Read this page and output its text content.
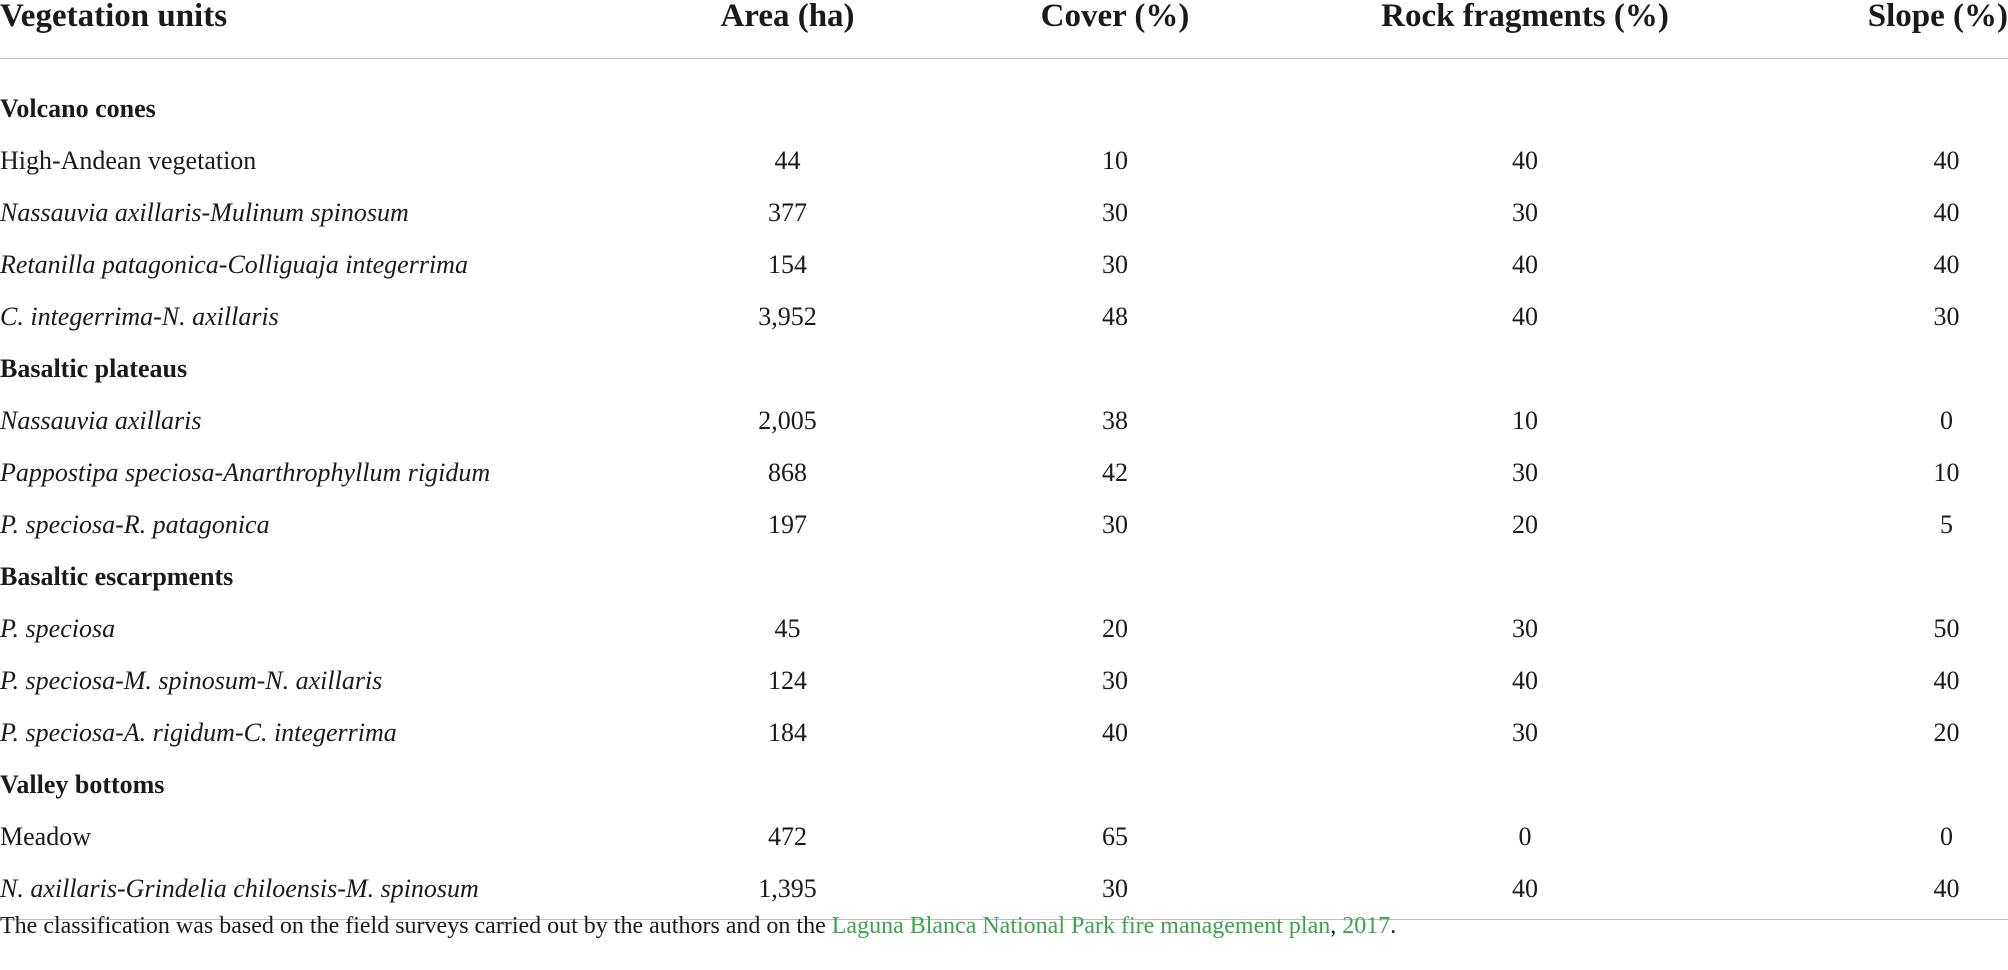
Vegetation units	Area (ha)	Cover (%)	Rock fragments (%)	Slope (%)
Volcano cones				
High-Andean vegetation	44	10	40	40
Nassauvia axillaris-Mulinum spinosum	377	30	30	40
Retanilla patagonica-Colliguaja integerrima	154	30	40	40
C. integerrima-N. axillaris	3,952	48	40	30
Basaltic plateaus				
Nassauvia axillaris	2,005	38	10	0
Pappostipa speciosa-Anarthrophyllum rigidum	868	42	30	10
P. speciosa-R. patagonica	197	30	20	5
Basaltic escarpments				
P. speciosa	45	20	30	50
P. speciosa-M. spinosum-N. axillaris	124	30	40	40
P. speciosa-A. rigidum-C. integerrima	184	40	30	20
Valley bottoms				
Meadow	472	65	0	0
N. axillaris-Grindelia chiloensis-M. spinosum	1,395	30	40	40
The classification was based on the field surveys carried out by the authors and on the Laguna Blanca National Park fire management plan, 2017.
